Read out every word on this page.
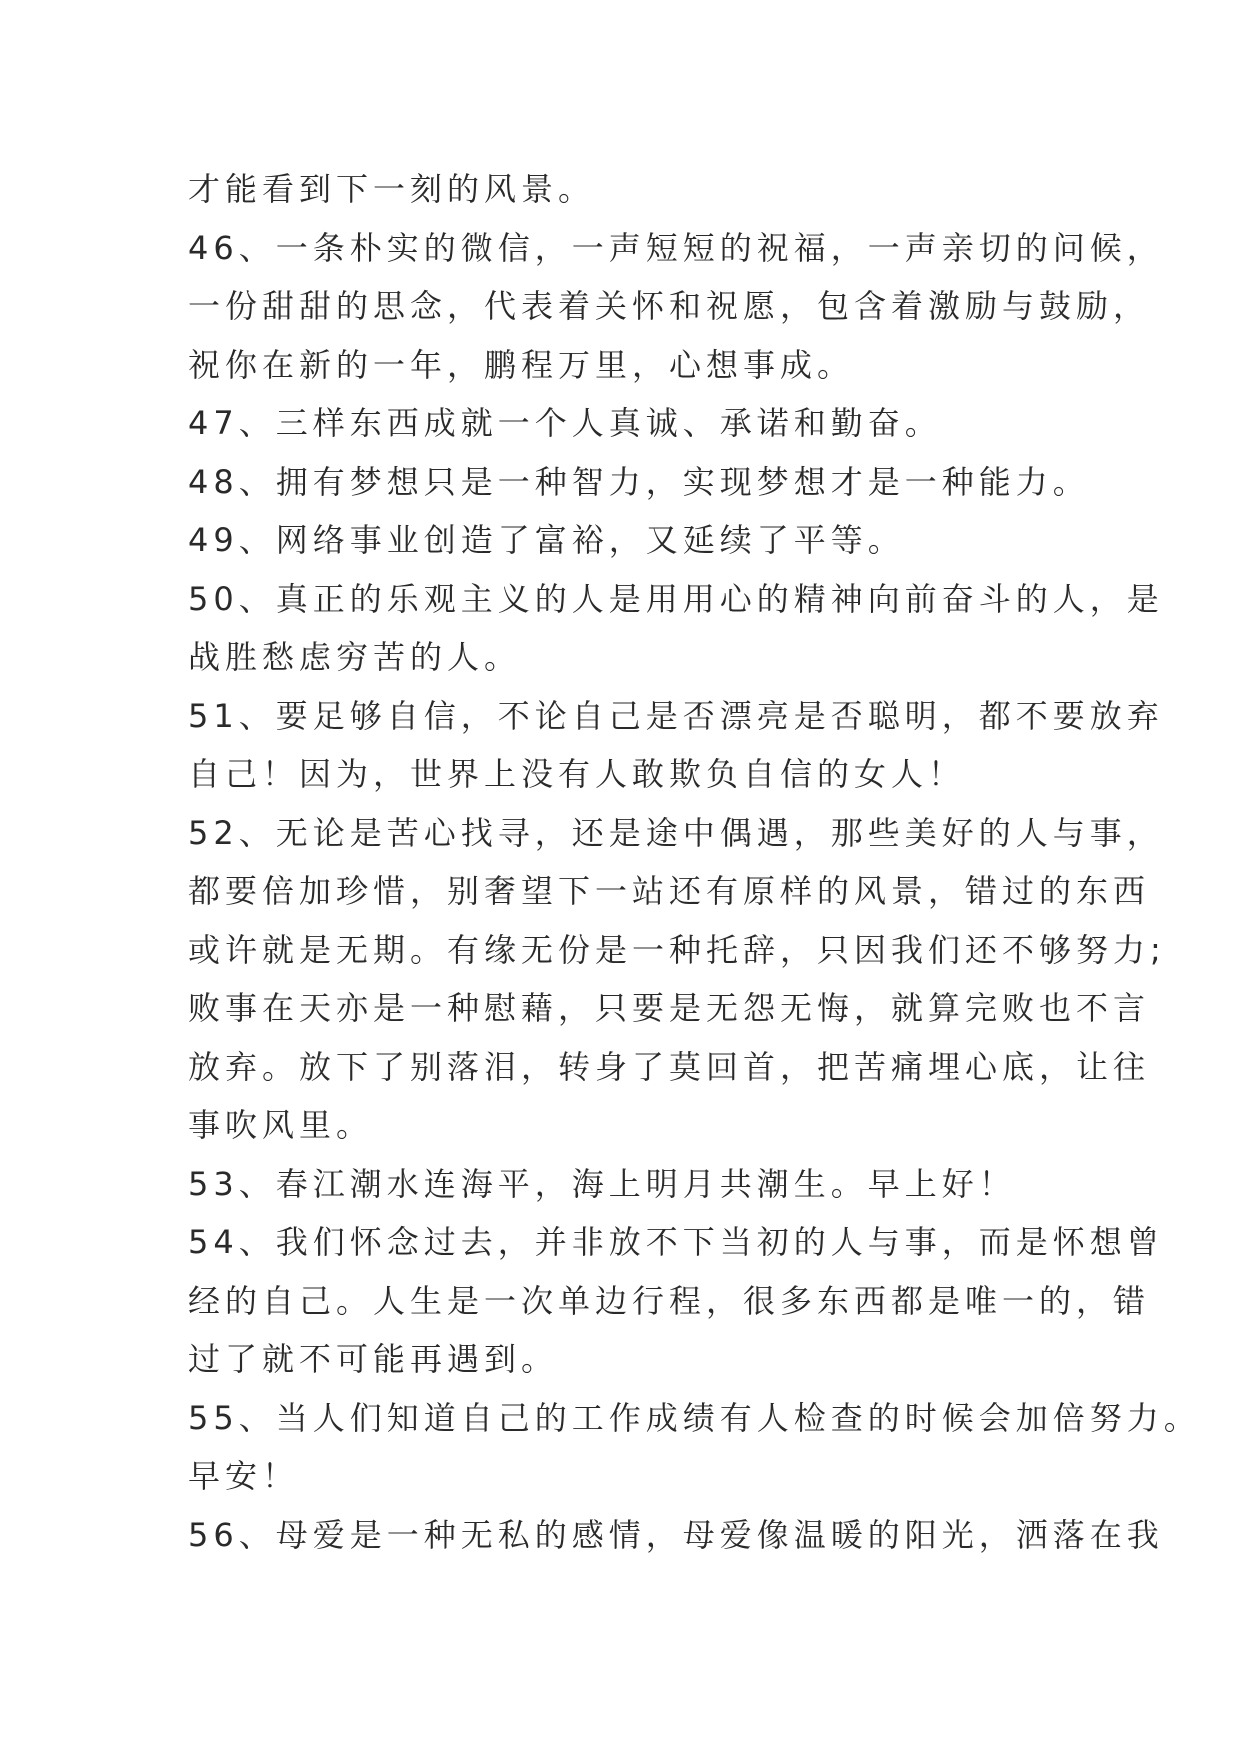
才能看到下一刻的风景。
46、一条朴实的微信，一声短短的祝福，一声亲切的问候，
一份甜甜的思念，代表着关怀和祝愿，包含着激励与鼓励，
祝你在新的一年，鹏程万里，心想事成。
47、三样东西成就一个人真诚、承诺和勤奋。
48、拥有梦想只是一种智力，实现梦想才是一种能力。
49、网络事业创造了富裕，又延续了平等。
50、真正的乐观主义的人是用用心的精神向前奋斗的人，是
战胜愁虑穷苦的人。
51、要足够自信，不论自己是否漂亮是否聪明，都不要放弃
自己！因为，世界上没有人敢欺负自信的女人！
52、无论是苦心找寻，还是途中偶遇，那些美好的人与事，
都要倍加珍惜，别奢望下一站还有原样的风景，错过的东西
或许就是无期。有缘无份是一种托辞，只因我们还不够努力;
败事在天亦是一种慰藉，只要是无怨无悔，就算完败也不言
放弃。放下了别落泪，转身了莫回首，把苦痛埋心底，让往
事吹风里。
53、春江潮水连海平，海上明月共潮生。早上好！
54、我们怀念过去，并非放不下当初的人与事，而是怀想曾
经的自己。人生是一次单边行程，很多东西都是唯一的，错
过了就不可能再遇到。
55、当人们知道自己的工作成绩有人检查的时候会加倍努力。
早安！
56、母爱是一种无私的感情，母爱像温暖的阳光，洒落在我
